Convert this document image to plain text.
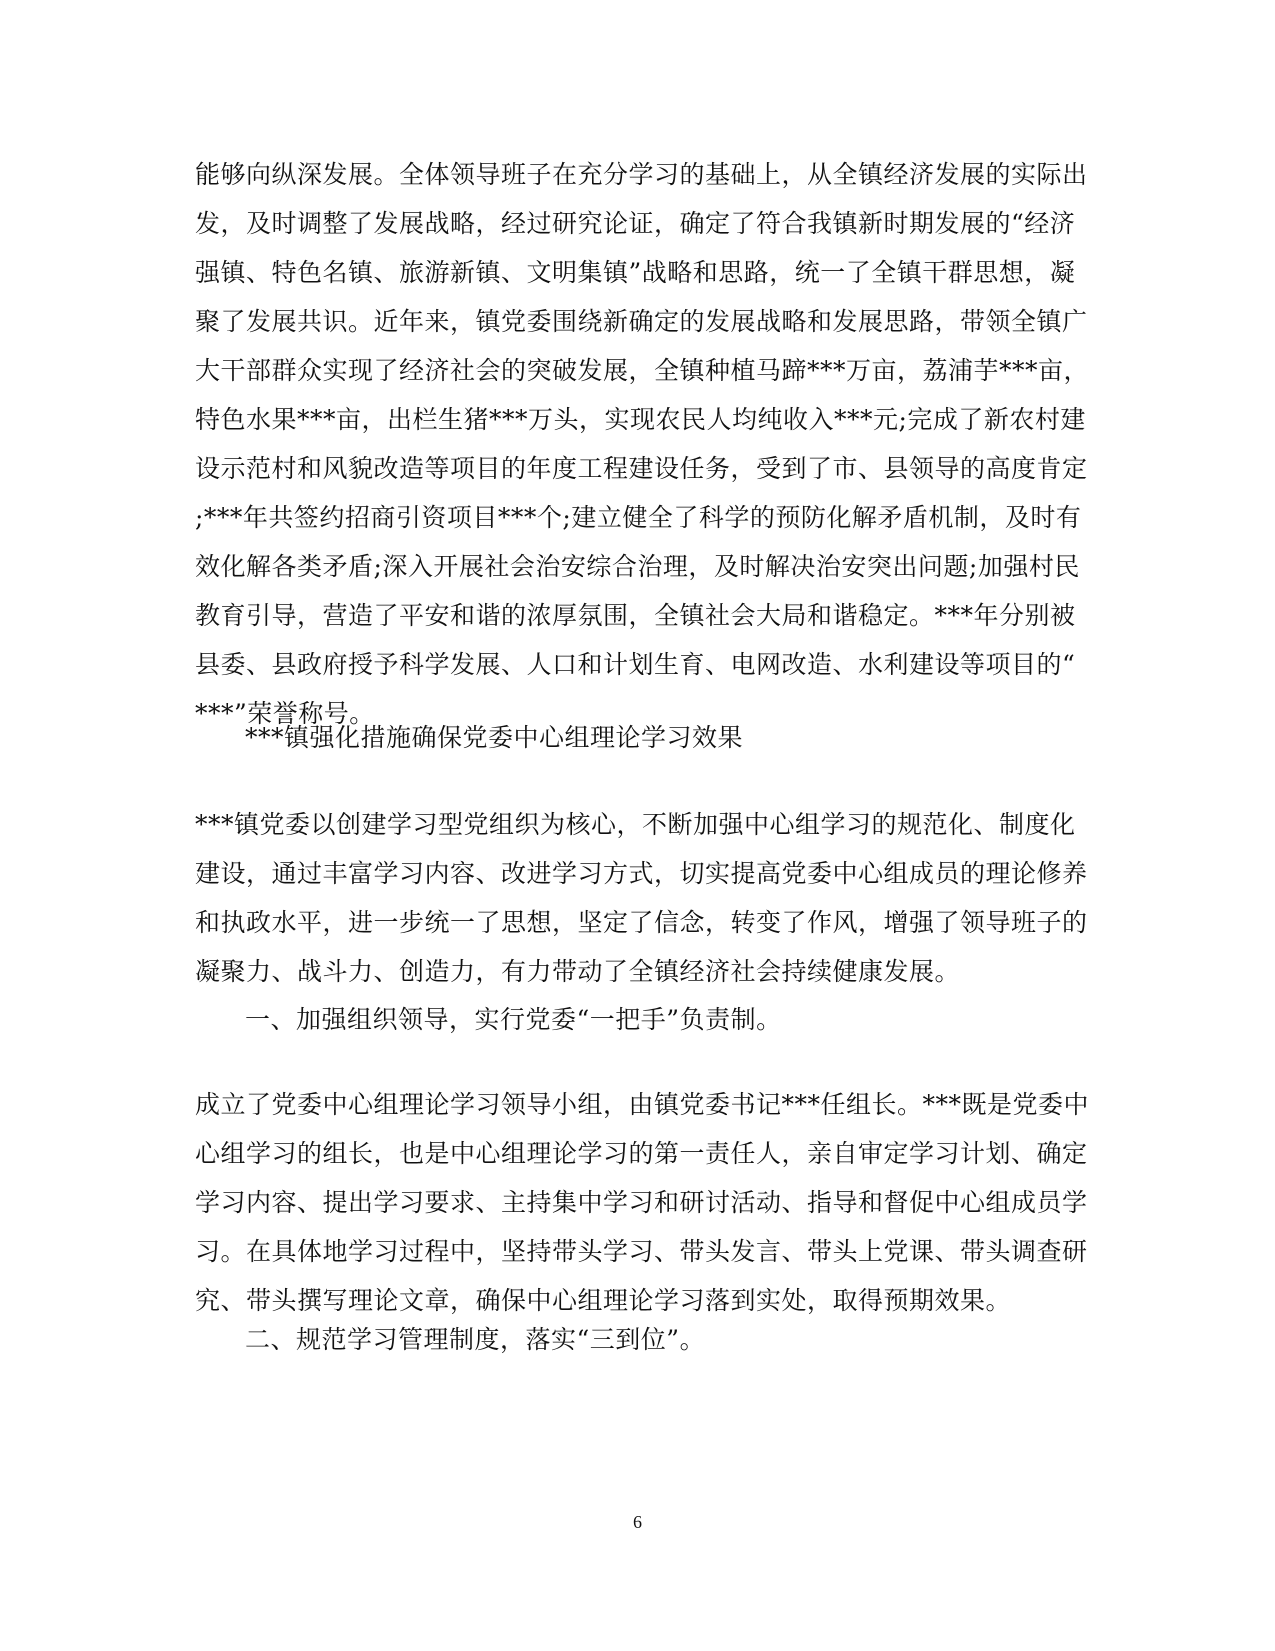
能够向纵深发展。全体领导班子在充分学习的基础上，从全镇经济发展的实际出
发，及时调整了发展战略，经过研究论证，确定了符合我镇新时期发展的“经济
强镇、特色名镇、旅游新镇、文明集镇”战略和思路，统一了全镇干群思想，凝
聚了发展共识。近年来，镇党委围绕新确定的发展战略和发展思路，带领全镇广
大干部群众实现了经济社会的突破发展，全镇种植马蹄***万亩，荔浦芋***亩，
特色水果***亩，出栏生猪***万头，实现农民人均纯收入***元;完成了新农村建
设示范村和风貌改造等项目的年度工程建设任务，受到了市、县领导的高度肯定
;***年共签约招商引资项目***个;建立健全了科学的预防化解矛盾机制，及时有
效化解各类矛盾;深入开展社会治安综合治理，及时解决治安突出问题;加强村民
教育引导，营造了平安和谐的浓厚氛围，全镇社会大局和谐稳定。***年分别被
县委、县政府授予科学发展、人口和计划生育、电网改造、水利建设等项目的“
***”荣誉称号。

***镇强化措施确保党委中心组理论学习效果

***镇党委以创建学习型党组织为核心，不断加强中心组学习的规范化、制度化
建设，通过丰富学习内容、改进学习方式，切实提高党委中心组成员的理论修养
和执政水平，进一步统一了思想，坚定了信念，转变了作风，增强了领导班子的
凝聚力、战斗力、创造力，有力带动了全镇经济社会持续健康发展。

一、加强组织领导，实行党委“一把手”负责制。

成立了党委中心组理论学习领导小组，由镇党委书记***任组长。***既是党委中
心组学习的组长，也是中心组理论学习的第一责任人，亲自审定学习计划、确定
学习内容、提出学习要求、主持集中学习和研讨活动、指导和督促中心组成员学
习。在具体地学习过程中，坚持带头学习、带头发言、带头上党课、带头调查研
究、带头撰写理论文章，确保中心组理论学习落到实处，取得预期效果。

二、规范学习管理制度，落实“三到位”。

6
